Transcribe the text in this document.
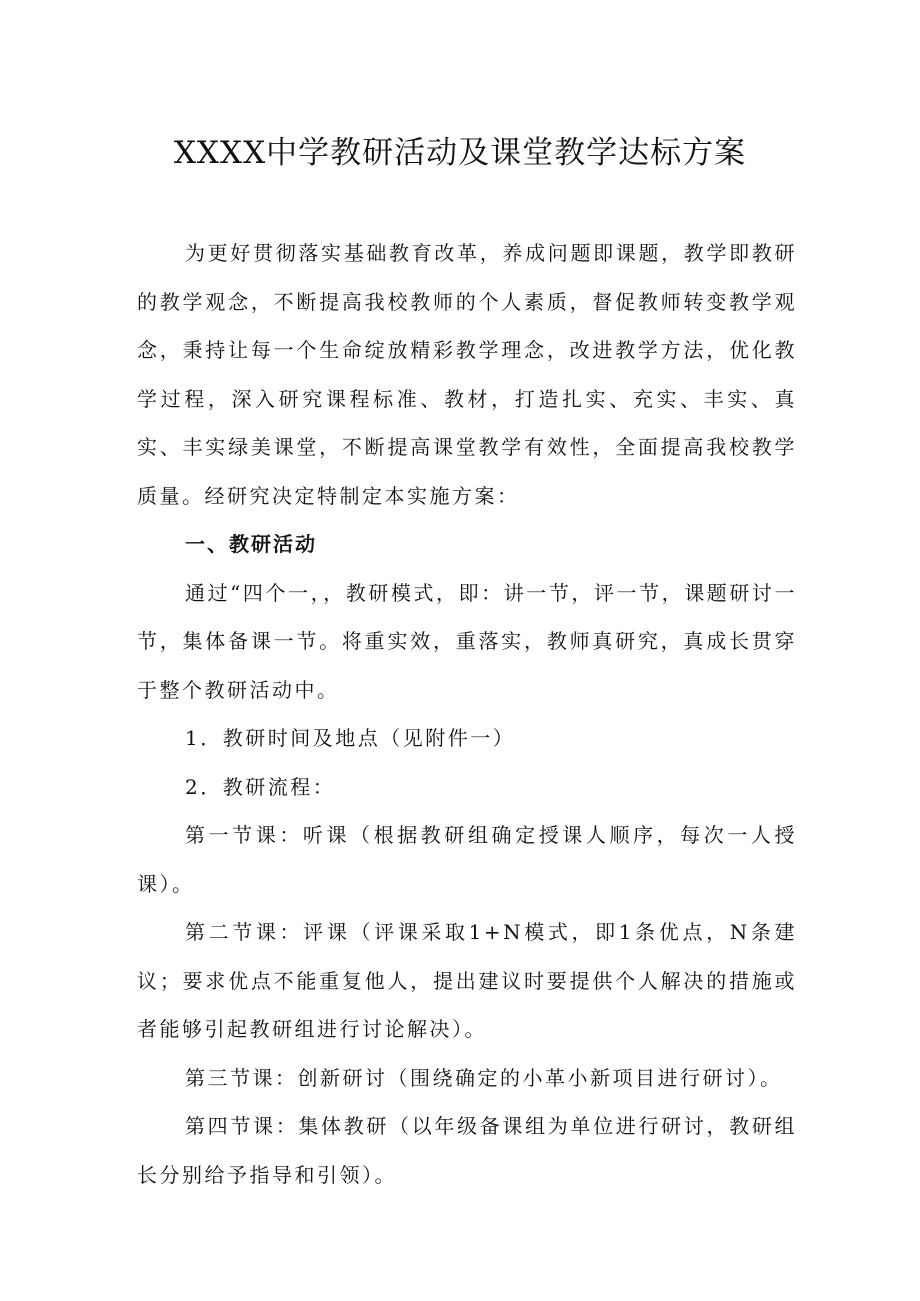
XXXX中学教研活动及课堂教学达标方案

为更好贯彻落实基础教育改革，养成问题即课题，教学即教研的教学观念，不断提高我校教师的个人素质，督促教师转变教学观念，秉持让每一个生命绽放精彩教学理念，改进教学方法，优化教学过程，深入研究课程标准、教材，打造扎实、充实、丰实、真实、丰实绿美课堂，不断提高课堂教学有效性，全面提高我校教学质量。经研究决定特制定本实施方案：

一、教研活动

通过“四个一，，教研模式，即：讲一节，评一节，课题研讨一节，集体备课一节。将重实效，重落实，教师真研究，真成长贯穿于整个教研活动中。

1．教研时间及地点（见附件一）

2．教研流程：

第一节课：听课（根据教研组确定授课人顺序，每次一人授课）。

第二节课：评课（评课采取1+N模式，即1条优点，N条建议；要求优点不能重复他人，提出建议时要提供个人解决的措施或者能够引起教研组进行讨论解决）。

第三节课：创新研讨（围绕确定的小革小新项目进行研讨）。

第四节课：集体教研（以年级备课组为单位进行研讨，教研组长分别给予指导和引领）。
